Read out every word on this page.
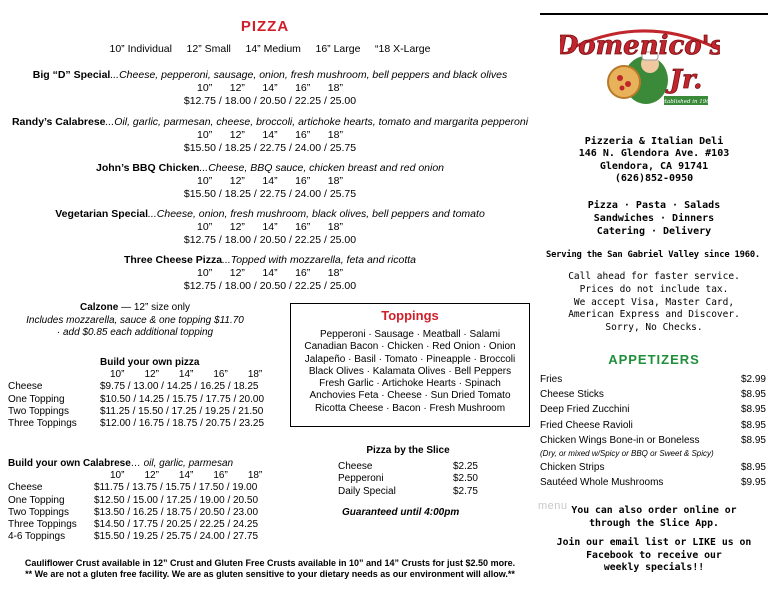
PIZZA
10” Individual     12” Small     14” Medium     16” Large     “18 X-Large
Big “D” Special...Cheese, pepperoni, sausage, onion, fresh mushroom, bell peppers and black olives
10”      12”      14”      16”      18”
$12.75 / 18.00 / 20.50 / 22.25 / 25.00
Randy’s Calabrese...Oil, garlic, parmesan, cheese, broccoli, artichoke hearts, tomato and margarita pepperoni
10”      12”      14”      16”      18”
$15.50 / 18.25 / 22.75 / 24.00 / 25.75
John’s BBQ Chicken...Cheese, BBQ sauce, chicken breast and red onion
10”      12”      14”      16”      18”
$15.50 / 18.25 / 22.75 / 24.00 / 25.75
Vegetarian Special...Cheese, onion, fresh mushroom, black olives, bell peppers and tomato
10”      12”      14”      16”      18”
$12.75 / 18.00 / 20.50 / 22.25 / 25.00
Three Cheese Pizza...Topped with mozzarella, feta and ricotta
10”      12”      14”      16”      18”
$12.75 / 18.00 / 20.50 / 22.25 / 25.00
Calzone — 12” size only
Includes mozzarella, sauce & one topping $11.70
· add $0.85 each additional topping
Build your own pizza
10” 12” 14” 16” 18”
Cheese	$9.75 / 13.00 / 14.25 / 16.25 / 18.25
One Topping	$10.50 / 14.25 / 15.75 / 17.75 / 20.00
Two Toppings	$11.25 / 15.50 / 17.25 / 19.25 / 21.50
Three Toppings	$12.00 / 16.75 / 18.75 / 20.75 / 23.25
Build your own Calabrese… oil, garlic, parmesan
10” 12” 14” 16” 18”
Cheese	$11.75 / 13.75 / 15.75 / 17.50 / 19.00
One Topping	$12.50 / 15.00 / 17.25 / 19.00 / 20.50
Two Toppings	$13.50 / 16.25 / 18.75 / 20.50 / 23.00
Three Toppings	$14.50 / 17.75 / 20.25 / 22.25 / 24.25
4-6 Toppings	$15.50 / 19.25 / 25.75 / 24.00 / 27.75
Toppings
Pepperoni · Sausage · Meatball · Salami
Canadian Bacon · Chicken · Red Onion · Onion
Jalapeño · Basil · Tomato · Pineapple · Broccoli
Black Olives · Kalamata Olives · Bell Peppers
Fresh Garlic · Artichoke Hearts · Spinach
Anchovies Feta · Cheese · Sun Dried Tomato
Ricotta Cheese · Bacon · Fresh Mushroom
Pizza by the Slice
Cheese	$2.25
Pepperoni	$2.50
Daily Special	$2.75
Guaranteed until 4:00pm
Cauliflower Crust available in 12” Crust and Gluten Free Crusts available in 10” and 14” Crusts for just $2.50 more.
** We are not a gluten free facility. We are as gluten sensitive to your dietary needs as our environment will allow.**
Domenico's
Jr.
established in 1960
Pizzeria & Italian Deli
146 N. Glendora Ave. #103
Glendora, CA 91741
(626)852-0950
Pizza · Pasta · Salads
Sandwiches · Dinners
Catering · Delivery
Serving the San Gabriel Valley since 1960.
Call ahead for faster service.
Prices do not include tax.
We accept Visa, Master Card,
American Express and Discover.
Sorry, No Checks.
APPETIZERS
Fries	$2.99
Cheese Sticks	$8.95
Deep Fried Zucchini	$8.95
Fried Cheese Ravioli	$8.95
Chicken Wings Bone-in or Boneless	$8.95
(Dry, or mixed w/Spicy or BBQ or Sweet & Spicy)
Chicken Strips	$8.95
Sautéed Whole Mushrooms	$9.95
menu You can also order online or
through the Slice App.
Join our email list or LIKE us on
Facebook to receive our
weekly specials!!
